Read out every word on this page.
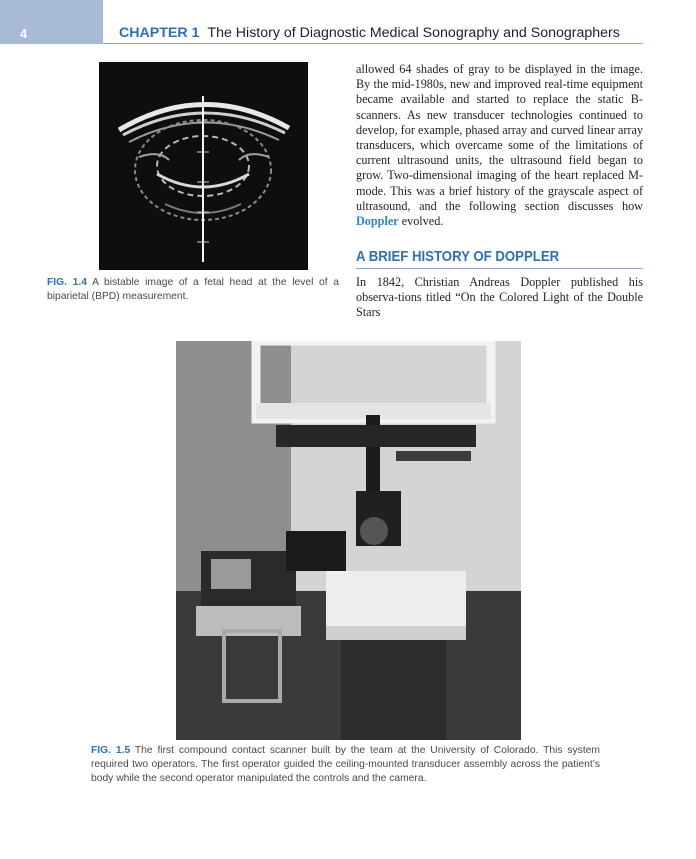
4	CHAPTER 1 The History of Diagnostic Medical Sonography and Sonographers
FIG. 1.4 A bistable image of a fetal head at the level of a biparietal (BPD) measurement.
allowed 64 shades of gray to be displayed in the image. By the mid-1980s, new and improved real-time equipment became available and started to replace the static B-scanners. As new transducer technologies continued to develop, for example, phased array and curved linear array transducers, which overcame some of the limitations of current ultrasound units, the ultrasound field began to grow. Two-dimensional imaging of the heart replaced M-mode. This was a brief history of the grayscale aspect of ultrasound, and the following section discusses how Doppler evolved.
A BRIEF HISTORY OF DOPPLER
In 1842, Christian Andreas Doppler published his observa-tions titled “On the Colored Light of the Double Stars
FIG. 1.5 The first compound contact scanner built by the team at the University of Colorado. This system required two operators. The first operator guided the ceiling-mounted transducer assembly across the patient’s body while the second operator manipulated the controls and the camera.
